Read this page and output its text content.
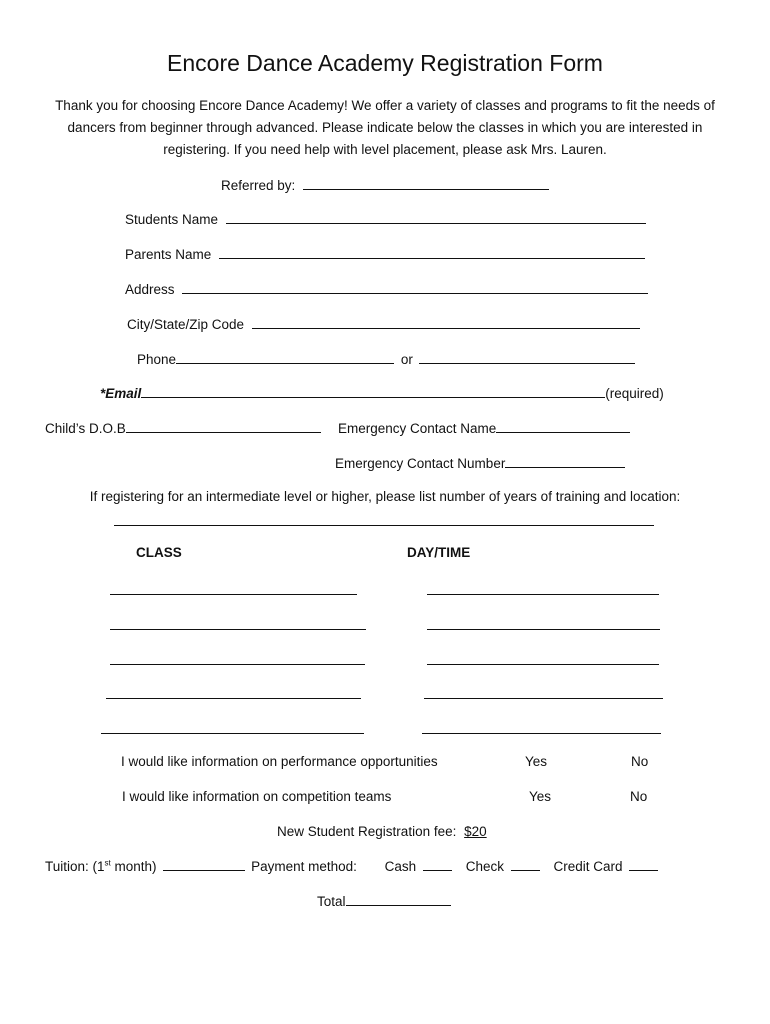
Encore Dance Academy Registration Form
Thank you for choosing Encore Dance Academy! We offer a variety of classes and programs to fit the needs of dancers from beginner through advanced. Please indicate below the classes in which you are interested in registering. If you need help with level placement, please ask Mrs. Lauren.
Referred by:
Students Name
Parents Name
Address
City/State/Zip Code
Phone	or
*Email	(required)
Child’s D.O.B	Emergency Contact Name
Emergency Contact Number
If registering for an intermediate level or higher, please list number of years of training and location:
CLASS	DAY/TIME
I would like information on performance opportunities	Yes	No
I would like information on competition teams	Yes	No
New Student Registration fee: $20
Tuition: (1st month)	Payment method: Cash	Check	Credit Card
Total
